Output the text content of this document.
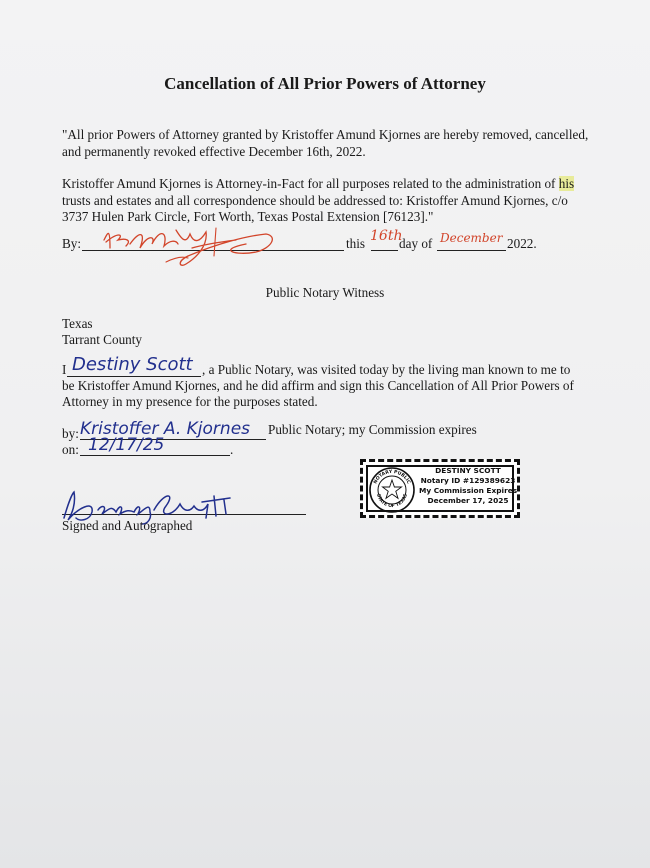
Cancellation of All Prior Powers of Attorney
"All prior Powers of Attorney granted by Kristoffer Amund Kjornes are hereby removed, cancelled, and permanently revoked effective December 16th, 2022.
Kristoffer Amund Kjornes is Attorney-in-Fact for all purposes related to the administration of his trusts and estates and all correspondence should be addressed to: Kristoffer Amund Kjornes, c/o 3737 Hulen Park Circle, Fort Worth, Texas Postal Extension [76123]."
By:	this	day of	2022.
16th	December
Public Notary Witness
Texas
Tarrant County
I Destiny Scott , a Public Notary, was visited today by the living man known to me to
be Kristoffer Amund Kjornes, and he did affirm and sign this Cancellation of All Prior Powers of
Attorney in my presence for the purposes stated.
by: Kristoffer A. Kjornes Public Notary; my Commission expires
on: 12/17/25	.
Signed and Autographed
NOTARY PUBLIC
STATE OF TEXAS
DESTINY SCOTT
Notary ID #129389623
My Commission Expires
December 17, 2025
